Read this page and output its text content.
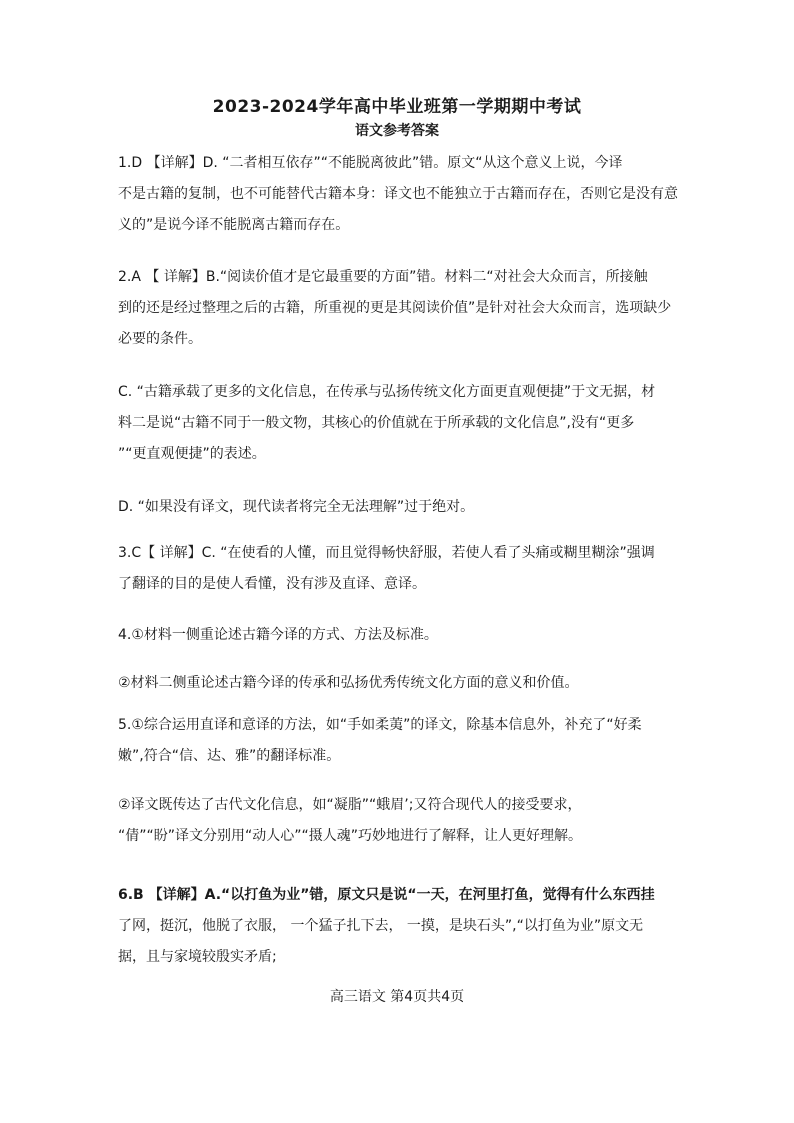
2023-2024学年高中毕业班第一学期期中考试
语文参考答案

1.D 【详解】D. “二者相互依存”“不能脱离彼此”错。原文“从这个意义上说，今译

不是古籍的复制，也不可能替代古籍本身：译文也不能独立于古籍而存在，否则它是没有意

义的”是说今译不能脱离古籍而存在。

2.A 【 详解】B.“阅读价值才是它最重要的方面”错。材料二“对社会大众而言，所接触

到的还是经过整理之后的古籍，所重视的更是其阅读价值”是针对社会大众而言，选项缺少

必要的条件。

C. “古籍承载了更多的文化信息，在传承与弘扬传统文化方面更直观便捷”于文无据，材

料二是说“古籍不同于一般文物，其核心的价值就在于所承载的文化信息”,没有“更多

”“更直观便捷”的表述。

D. “如果没有译文，现代读者将完全无法理解”过于绝对。

3.C【 详解】C. “在使看的人懂，而且觉得畅快舒服，若使人看了头痛或糊里糊涂”强调

了翻译的目的是使人看懂，没有涉及直译、意译。

4.①材料一侧重论述古籍今译的方式、方法及标准。

②材料二侧重论述古籍今译的传承和弘扬优秀传统文化方面的意义和价值。

5.①综合运用直译和意译的方法，如“手如柔荑”的译文，除基本信息外，补充了“好柔

嫩”,符合“信、达、雅”的翻译标准。

②译文既传达了古代文化信息，如“凝脂”“蛾眉’;又符合现代人的接受要求，

“倩”“盼”译文分别用“动人心”“摄人魂”巧妙地进行了解释，让人更好理解。

6.B 【详解】A.“以打鱼为业”错，原文只是说“一天，在河里打鱼，觉得有什么东西挂

了网，挺沉，他脱了衣服， 一个猛子扎下去， 一摸，是块石头”,“以打鱼为业”原文无

据，且与家境较殷实矛盾;

高三语文 第4页共4页
